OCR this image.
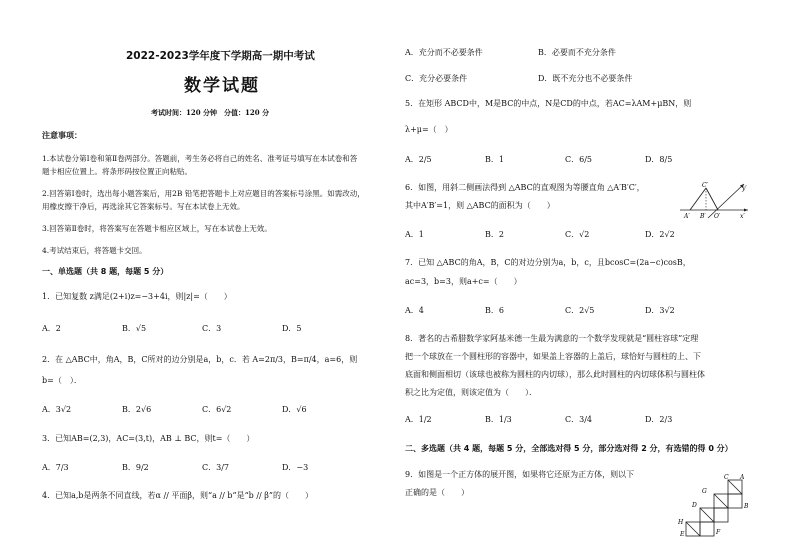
2022-2023学年度下学期高一期中考试
数学试题
考试时间：120 分钟　分值：120 分
注意事项：
1.本试卷分第Ⅰ卷和第Ⅱ卷两部分。答题前，考生务必将自己的姓名、准考证号填写在本试卷和答
题卡相应位置上。将条形码按位置正向粘贴。
2.回答第Ⅰ卷时，选出每小题答案后，用2B 铅笔把答题卡上对应题目的答案标号涂黑。如需改动，
用橡皮擦干净后，再选涂其它答案标号。写在本试卷上无效。
3.回答第Ⅱ卷时，将答案写在答题卡相应区域上，写在本试卷上无效。
4.考试结束后，将答题卡交回。
一、单选题（共 8 题，每题 5 分）
1．已知复数 z满足(2+i)z=−3+4i，则|z|=（　　）
A．2	B．√5	C．3	D．5
2．在 △ABC中，角A，B，C所对的边分别是a，b，c．若 A=2π/3，B=π/4，a=6，则
b=（　）．
A．3√2	B．2√6	C．6√2	D．√6
3．已知AB=(2,3)，AC=(3,t)，AB ⊥ BC，则t=（　　）
A．7/3	B．9/2	C．3/7	D．−3
4．已知a,b是两条不同直线，若α // 平面β，则“a // b”是“b // β”的（　　）
A．充分而不必要条件	B．必要而不充分条件
C．充分必要条件	D．既不充分也不必要条件
5．在矩形 ABCD中，M是BC的中点，N是CD的中点，若AC=λAM+μBN，则
λ+μ=（　）
A．2/5	B．1	C．6/5	D．8/5
6．如图，用斜二侧画法得到 △ABC的直观图为等腰直角 △A′B′C′，
其中A′B′=1，则 △ABC的面积为（　　）
C′	y′
A′ B′ O′	x′
A．1	B．2	C．√2	D．2√2
7．已知 △ABC的角A，B，C的对边分别为a，b，c，且bcosC=(2a−c)cosB，
ac=3，b=3，则a+c=（　　）
A．4	B．6	C．2√5	D．3√2
8．著名的古希腊数学家阿基米德一生最为满意的一个数学发现就是“圆柱容球”定理
把一个球放在一个圆柱形的容器中，如果盖上容器的上盖后，球恰好与圆柱的上、下
底面和侧面相切（该球也被称为圆柱的内切球），那么此时圆柱的内切球体积与圆柱体
积之比为定值，则该定值为（　　）．
A．1/2	B．1/3	C．3/4	D．2/3
二、多选题（共 4 题，每题 5 分，全部选对得 5 分，部分选对得 2 分，有选错的得 0 分）
9．如图是一个正方体的展开图，如果将它还原为正方体，则以下
正确的是（　　）
C A
G
D	B
F
H
E
